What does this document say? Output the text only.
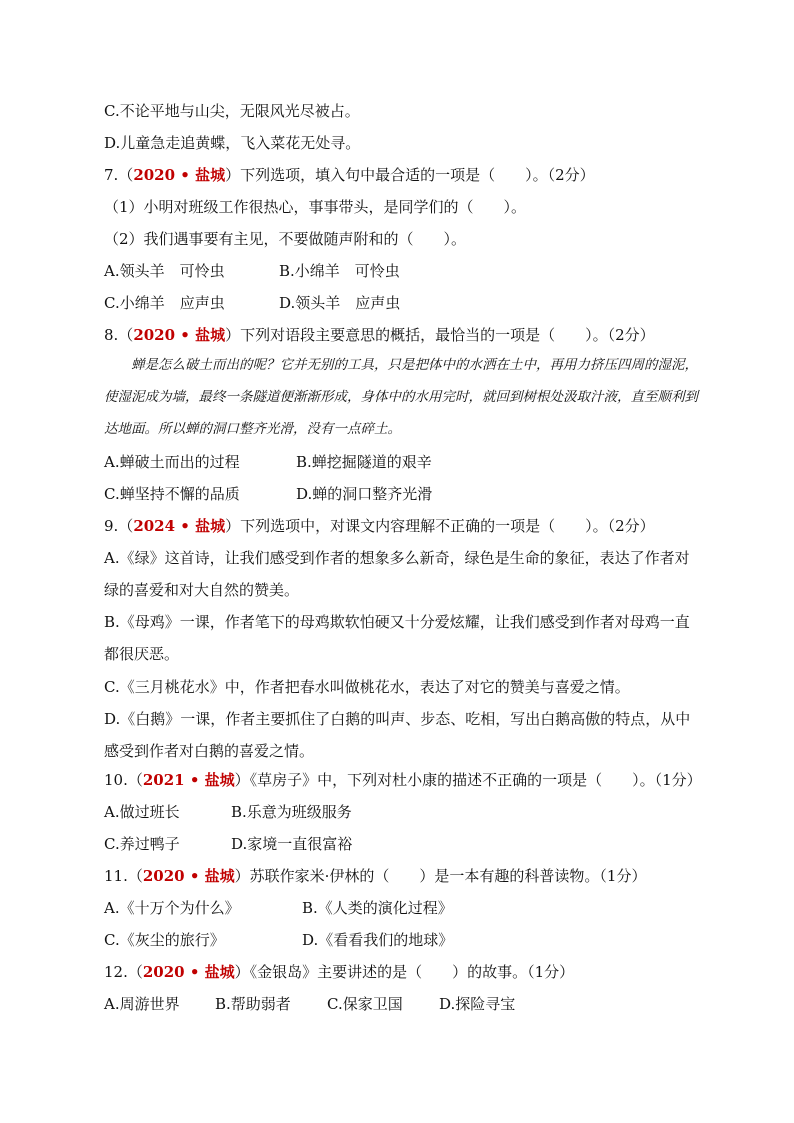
C.不论平地与山尖，无限风光尽被占。
D.儿童急走追黄蝶，飞入菜花无处寻。
7.（2020 • 盐城）下列选项，填入句中最合适的一项是（　　）。（2分）
（1）小明对班级工作很热心，事事带头，是同学们的（　　）。
（2）我们遇事要有主见，不要做随声附和的（　　）。
A.领头羊　可怜虫	B.小绵羊　可怜虫
C.小绵羊　应声虫	D.领头羊　应声虫
8.（2020 • 盐城）下列对语段主要意思的概括，最恰当的一项是（　　）。（2分）
蝉是怎么破土而出的呢？它并无别的工具，只是把体中的水洒在土中，再用力挤压四周的湿泥，使湿泥成为墙，最终一条隧道便渐渐形成，身体中的水用完时，就回到树根处汲取汁液，直至顺利到达地面。所以蝉的洞口整齐光滑，没有一点碎土。
A.蝉破土而出的过程	B.蝉挖掘隧道的艰辛
C.蝉坚持不懈的品质	D.蝉的洞口整齐光滑
9.（2024 • 盐城）下列选项中，对课文内容理解不正确的一项是（　　）。（2分）
A.《绿》这首诗，让我们感受到作者的想象多么新奇，绿色是生命的象征，表达了作者对绿的喜爱和对大自然的赞美。
B.《母鸡》一课，作者笔下的母鸡欺软怕硬又十分爱炫耀，让我们感受到作者对母鸡一直都很厌恶。
C.《三月桃花水》中，作者把春水叫做桃花水，表达了对它的赞美与喜爱之情。
D.《白鹅》一课，作者主要抓住了白鹅的叫声、步态、吃相，写出白鹅高傲的特点，从中感受到作者对白鹅的喜爱之情。
10.（2021 • 盐城）《草房子》中，下列对杜小康的描述不正确的一项是（　　）。（1分）
A.做过班长	B.乐意为班级服务
C.养过鸭子	D.家境一直很富裕
11.（2020 • 盐城）苏联作家米·伊林的（　　）是一本有趣的科普读物。（1分）
A.《十万个为什么》	B.《人类的演化过程》
C.《灰尘的旅行》	D.《看看我们的地球》
12.（2020 • 盐城）《金银岛》主要讲述的是（　　）的故事。（1分）
A.周游世界 B.帮助弱者 C.保家卫国 D.探险寻宝
